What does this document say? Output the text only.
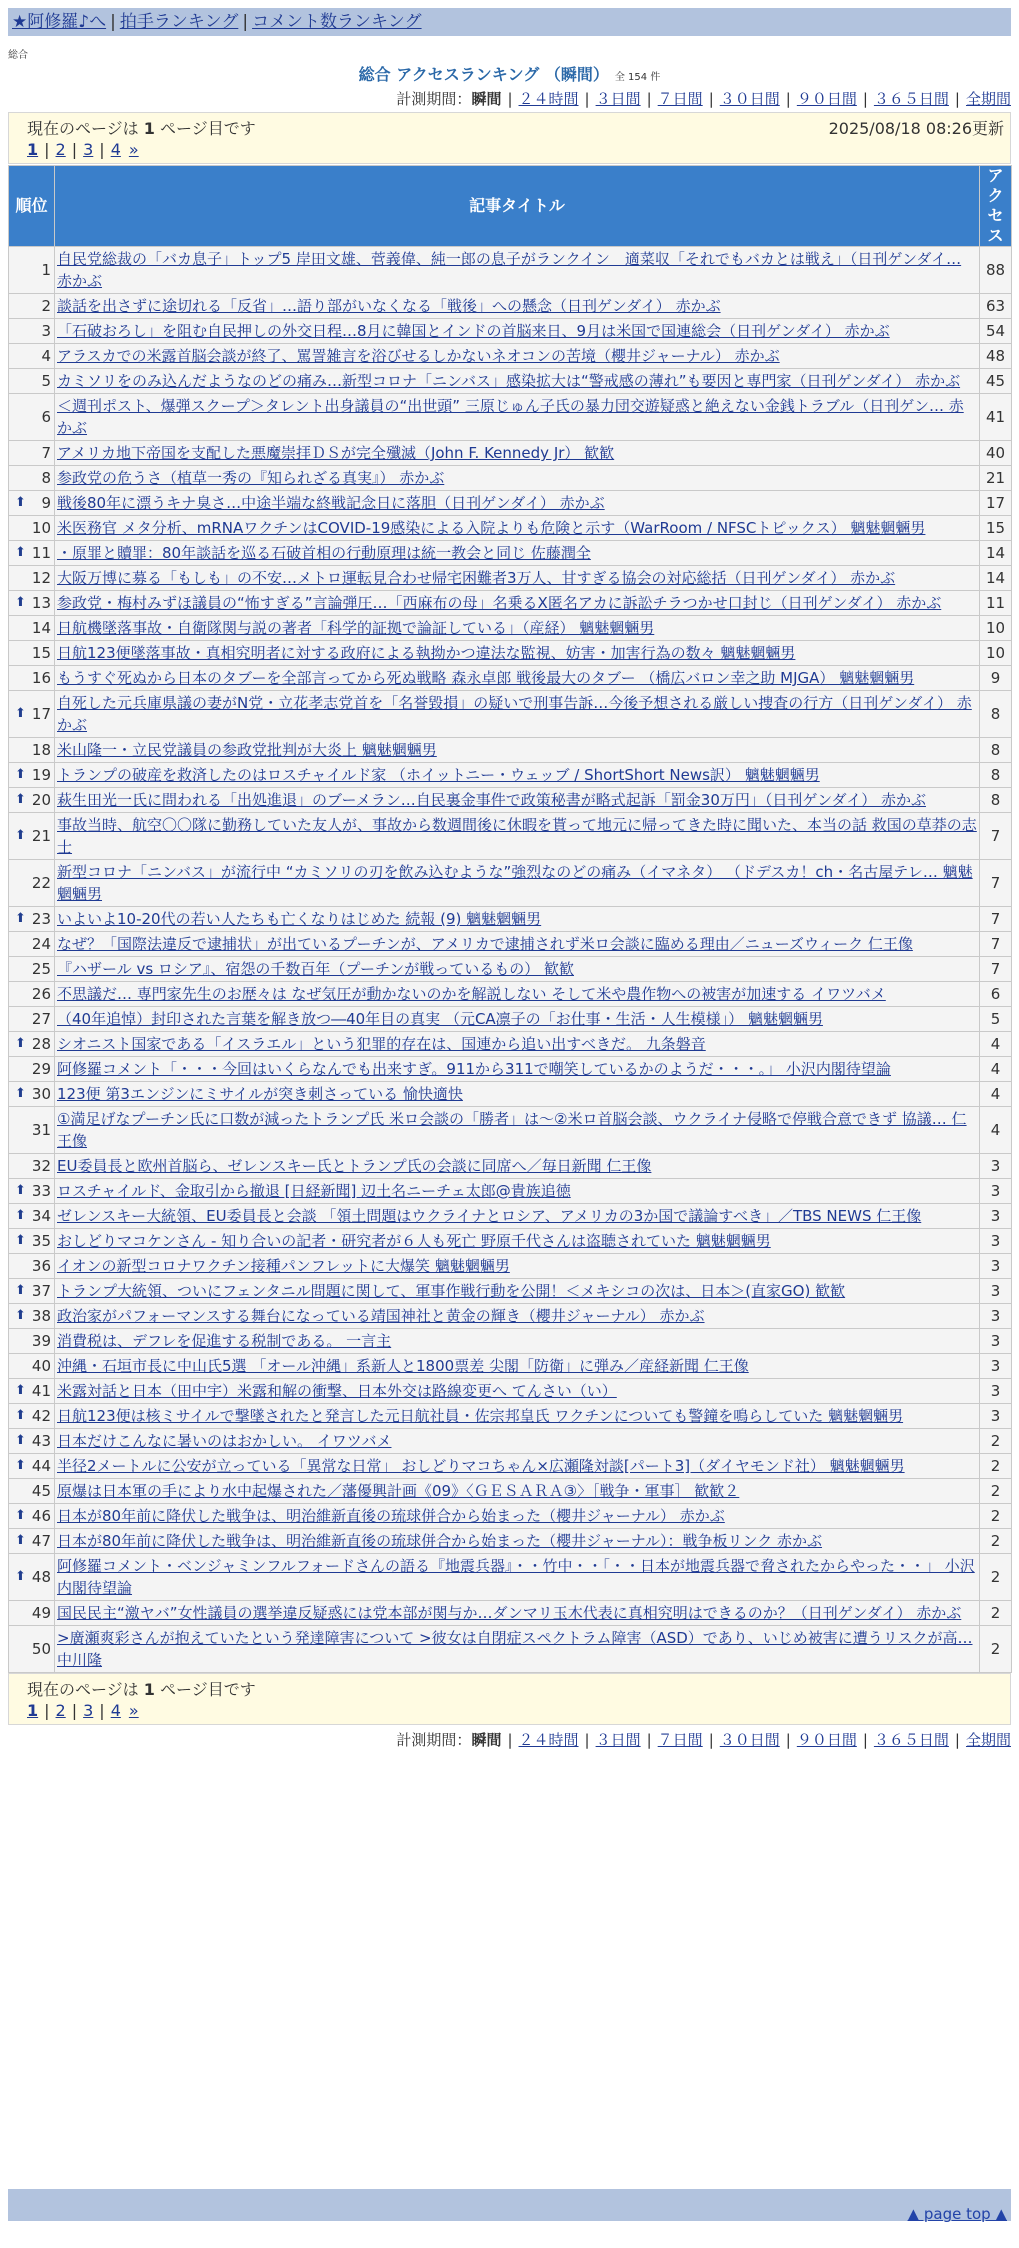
★阿修羅♪へ | 拍手ランキング | コメント数ランキング
総合
総合 アクセスランキング （瞬間） 全 154 件
計測期間：瞬間 | ２４時間 | ３日間 | ７日間 | ３０日間 | ９０日間 | ３６５日間 | 全期間
現在のページは 1 ページ目です	2025/08/18 08:26更新
1 | 2 | 3 | 4 »
順位	記事タイトル	アクセス
1	自民党総裁の「バカ息子」トップ5 岸田文雄、菅義偉、純一郎の息子がランクイン　適菜収「それでもバカとは戦え」（日刊ゲンダイ… 赤かぶ	88
2	談話を出さずに途切れる「反省」…語り部がいなくなる「戦後」への懸念（日刊ゲンダイ） 赤かぶ	63
3	「石破おろし」を阻む自民押しの外交日程…8月に韓国とインドの首脳来日、9月は米国で国連総会（日刊ゲンダイ） 赤かぶ	54
4	アラスカでの米露首脳会談が終了、罵詈雑言を浴びせるしかないネオコンの苦境（櫻井ジャーナル） 赤かぶ	48
5	カミソリをのみ込んだようなのどの痛み…新型コロナ「ニンバス」感染拡大は“警戒感の薄れ”も要因と専門家（日刊ゲンダイ） 赤かぶ	45
6	＜週刊ポスト、爆弾スクープ＞タレント出身議員の“出世頭” 三原じゅん子氏の暴力団交遊疑惑と絶えない金銭トラブル（日刊ゲン… 赤かぶ	41
7	アメリカ地下帝国を支配した悪魔崇拝ＤＳが完全殲滅（John F. Kennedy Jr） 歓歓	40
8	参政党の危うさ（植草一秀の『知られざる真実』） 赤かぶ	21

⬆ 9	戦後80年に漂うキナ臭さ…中途半端な終戦記念日に落胆（日刊ゲンダイ） 赤かぶ	17
10	米医務官 メタ分析、mRNAワクチンはCOVID-19感染による入院よりも危険と示す（WarRoom / NFSCトピックス） 魑魅魍魎男	15

⬆ 11	・原罪と贖罪：80年談話を巡る石破首相の行動原理は統一教会と同じ 佐藤潤全	14
12	大阪万博に募る「もしも」の不安…メトロ運転見合わせ帰宅困難者3万人、甘すぎる協会の対応総括（日刊ゲンダイ） 赤かぶ	14

⬆ 13	参政党・梅村みずほ議員の“怖すぎる”言論弾圧…「西麻布の母」名乗るX匿名アカに訴訟チラつかせ口封じ（日刊ゲンダイ） 赤かぶ	11
14	日航機墜落事故・自衛隊関与説の著者「科学的証拠で論証している」（産経） 魑魅魍魎男	10
15	日航123便墜落事故・真相究明者に対する政府による執拗かつ違法な監視、妨害・加害行為の数々 魑魅魍魎男	10
16	もうすぐ死ぬから日本のタブーを全部言ってから死ぬ戦略 森永卓郎 戦後最大のタブー （橋広バロン幸之助 MJGA） 魑魅魍魎男	9

⬆ 17	自死した元兵庫県議の妻がN党・立花孝志党首を「名誉毀損」の疑いで刑事告訴…今後予想される厳しい捜査の行方（日刊ゲンダイ） 赤かぶ	8
18	米山隆一・立民党議員の参政党批判が大炎上 魑魅魍魎男	8

⬆ 19	トランプの破産を救済したのはロスチャイルド家 （ホイットニー・ウェッブ / ShortShort News訳） 魑魅魍魎男	8

⬆ 20	萩生田光一氏に問われる「出処進退」のブーメラン…自民裏金事件で政策秘書が略式起訴「罰金30万円」（日刊ゲンダイ） 赤かぶ	8

⬆ 21	事故当時、航空〇〇隊に勤務していた友人が、事故から数週間後に休暇を貰って地元に帰ってきた時に聞いた、本当の話 救国の草莽の志士	7
22	新型コロナ「ニンバス」が流行中 “カミソリの刃を飲み込むような”強烈なのどの痛み（イマネタ） （ドデスカ！ch・名古屋テレ… 魑魅魍魎男	7

⬆ 23	いよいよ10-20代の若い人たちも亡くなりはじめた 続報 (9) 魑魅魍魎男	7
24	なぜ？「国際法違反で逮捕状」が出ているプーチンが、アメリカで逮捕されず米ロ会談に臨める理由／ニューズウィーク 仁王像	7
25	『ハザール vs ロシア』、宿怨の千数百年（プーチンが戦っているもの） 歓歓	7
26	不思議だ… 専門家先生のお歴々は なぜ気圧が動かないのかを解説しない そして米や農作物への被害が加速する イワツバメ	6
27	（40年追悼）封印された言葉を解き放つ―40年目の真実 （元CA凛子の「お仕事・生活・人生模様」） 魑魅魍魎男	5

⬆ 28	シオニスト国家である「イスラエル」という犯罪的存在は、国連から追い出すべきだ。 九条磐音	4
29	阿修羅コメント「・・・今回はいくらなんでも出来すぎ。911から311で嘲笑しているかのようだ・・・。」 小沢内閣待望論	4

⬆ 30	123便 第3エンジンにミサイルが突き刺さっている 愉快適快	4
31	①満足げなプーチン氏に口数が減ったトランプ氏 米ロ会談の「勝者」は～②米ロ首脳会談、ウクライナ侵略で停戦合意できず 協議… 仁王像	4
32	EU委員長と欧州首脳ら、ゼレンスキー氏とトランプ氏の会談に同席へ／毎日新聞 仁王像	3

⬆ 33	ロスチャイルド、金取引から撤退 [日経新聞] 辺土名ニーチェ太郎@貴族追徳	3

⬆ 34	ゼレンスキー大統領、EU委員長と会談 「領土問題はウクライナとロシア、アメリカの3か国で議論すべき」／TBS NEWS 仁王像	3

⬆ 35	おしどりマコケンさん - 知り合いの記者・研究者が６人も死亡 野原千代さんは盗聴されていた 魑魅魍魎男	3
36	イオンの新型コロナワクチン接種パンフレットに大爆笑 魑魅魍魎男	3

⬆ 37	トランプ大統領、ついにフェンタニル問題に関して、軍事作戦行動を公開！＜メキシコの次は、日本＞(直家GO) 歓歓	3

⬆ 38	政治家がパフォーマンスする舞台になっている靖国神社と黄金の輝き（櫻井ジャーナル） 赤かぶ	3
39	消費税は、デフレを促進する税制である。 一言主	3
40	沖縄・石垣市長に中山氏5選 「オール沖縄」系新人と1800票差 尖閣「防衛」に弾み／産経新聞 仁王像	3

⬆ 41	米露対話と日本（田中宇）米露和解の衝撃、日本外交は路線変更へ てんさい（い）	3

⬆ 42	日航123便は核ミサイルで撃墜されたと発言した元日航社員・佐宗邦皇氏 ワクチンについても警鐘を鳴らしていた 魑魅魍魎男	3

⬆ 43	日本だけこんなに暑いのはおかしい。 イワツバメ	2

⬆ 44	半径2メートルに公安が立っている「異常な日常」 おしどりマコちゃん×広瀬隆対談[パート3]（ダイヤモンド社） 魑魅魍魎男	2
45	原爆は日本軍の手により水中起爆された／藩優興計画《09》〈ＧＥＳＡＲＡ③〉［戦争・軍事］ 歓歓２	2

⬆ 46	日本が80年前に降伏した戦争は、明治維新直後の琉球併合から始まった（櫻井ジャーナル） 赤かぶ	2

⬆ 47	日本が80年前に降伏した戦争は、明治維新直後の琉球併合から始まった（櫻井ジャーナル）：戦争板リンク 赤かぶ	2

⬆ 48	阿修羅コメント・ベンジャミンフルフォードさんの語る『地震兵器』・・竹中・・「・・日本が地震兵器で脅されたからやった・・」 小沢内閣待望論	2
49	国民民主“激ヤバ”女性議員の選挙違反疑惑には党本部が関与か…ダンマリ玉木代表に真相究明はできるのか？（日刊ゲンダイ） 赤かぶ	2
50	>廣瀬爽彩さんが抱えていたという発達障害について >彼女は自閉症スペクトラム障害（ASD）であり、いじめ被害に遭うリスクが高… 中川隆	2
計測期間：瞬間 | ２４時間 | ３日間 | ７日間 | ３０日間 | ９０日間 | ３６５日間 | 全期間
現在のページは 1 ページ目です
1 | 2 | 3 | 4 »
▲ page top ▲
